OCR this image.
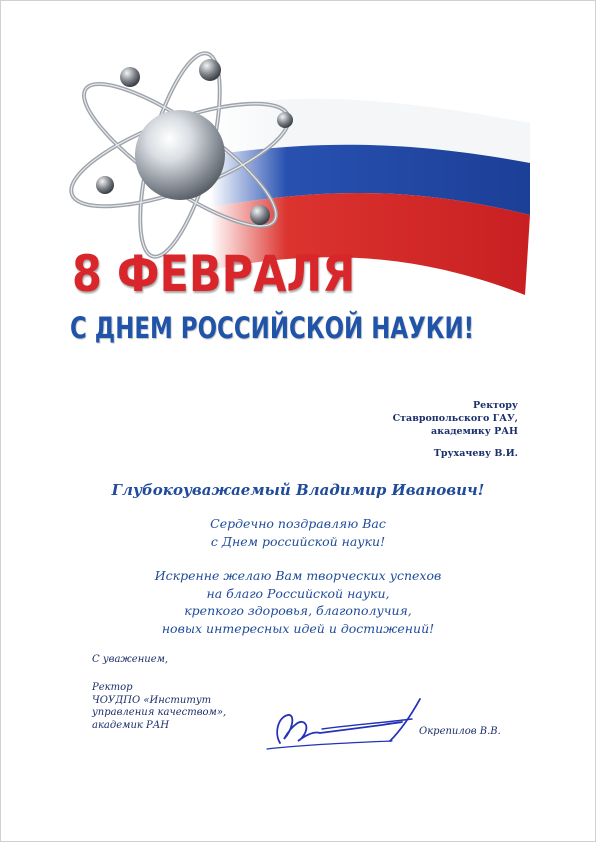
8 ФЕВРАЛЯ
С ДНЕМ РОССИЙСКОЙ НАУКИ!
Ректору
Ставропольского ГАУ,
академику РАН
Трухачеву В.И.
Глубокоуважаемый Владимир Иванович!
Сердечно поздравляю Вас
с Днем российской науки!
Искренне желаю Вам творческих успехов
на благо Российской науки,
крепкого здоровья, благополучия,
новых интересных идей и достижений!
С уважением,
Ректор
ЧОУДПО «Институт
управления качеством»,
академик РАН
Окрепилов В.В.
